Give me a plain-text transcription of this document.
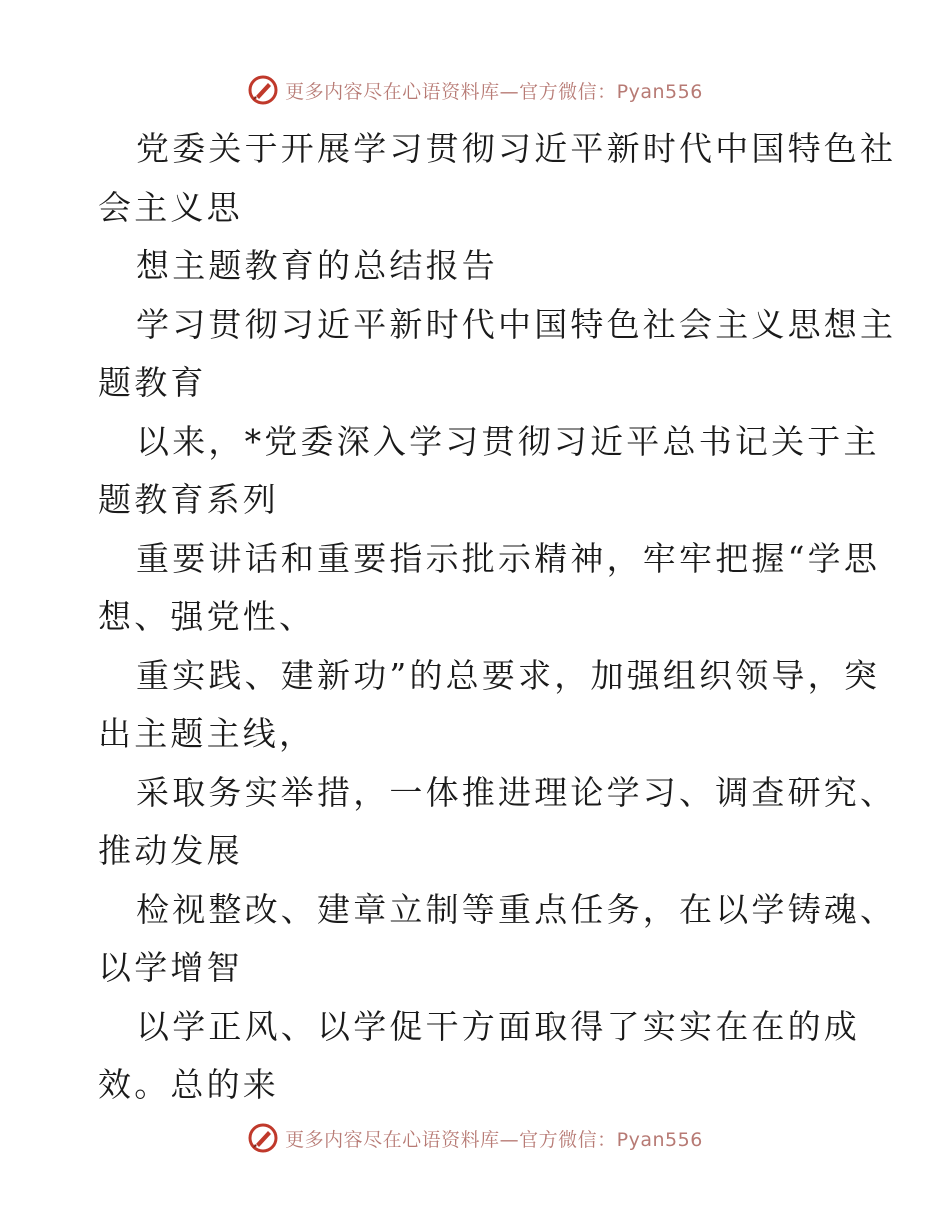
更多内容尽在心语资料库—官方微信：Pyan556

党委关于开展学习贯彻习近平新时代中国特色社

会主义思

想主题教育的总结报告

学习贯彻习近平新时代中国特色社会主义思想主

题教育

以来，*党委深入学习贯彻习近平总书记关于主

题教育系列

重要讲话和重要指示批示精神，牢牢把握“学思

想、强党性、

重实践、建新功”的总要求，加强组织领导，突

出主题主线，

采取务实举措，一体推进理论学习、调查研究、

推动发展

检视整改、建章立制等重点任务，在以学铸魂、

以学增智

以学正风、以学促干方面取得了实实在在的成

效。总的来

更多内容尽在心语资料库—官方微信：Pyan556
